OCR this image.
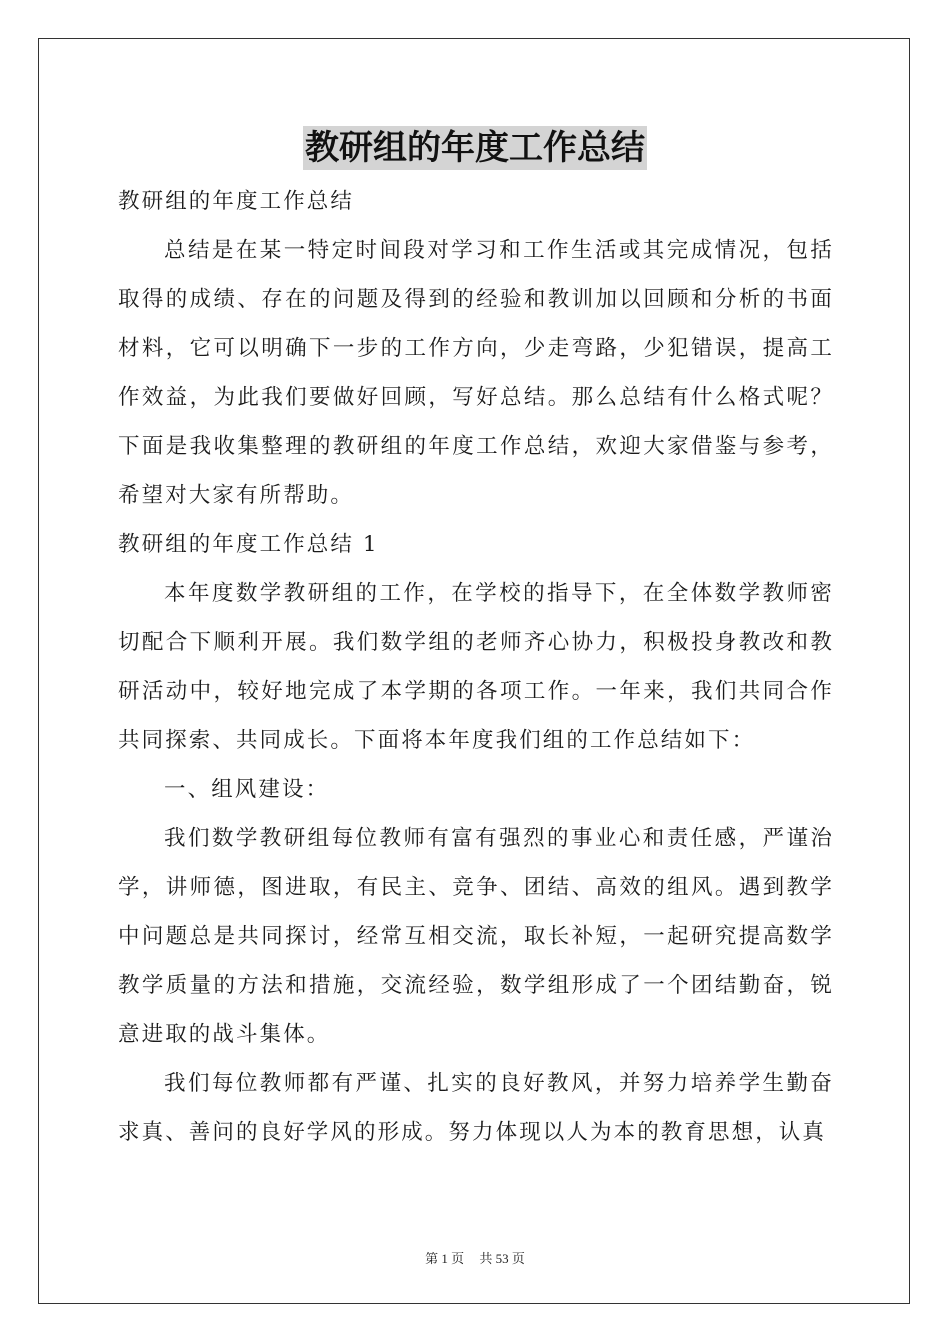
教研组的年度工作总结
教研组的年度工作总结

总结是在某一特定时间段对学习和工作生活或其完成情况，包括取得的成绩、存在的问题及得到的经验和教训加以回顾和分析的书面材料，它可以明确下一步的工作方向，少走弯路，少犯错误，提高工作效益，为此我们要做好回顾，写好总结。那么总结有什么格式呢？下面是我收集整理的教研组的年度工作总结，欢迎大家借鉴与参考，希望对大家有所帮助。

教研组的年度工作总结 1

本年度数学教研组的工作，在学校的指导下，在全体数学教师密切配合下顺利开展。我们数学组的老师齐心协力，积极投身教改和教研活动中，较好地完成了本学期的各项工作。一年来，我们共同合作共同探索、共同成长。下面将本年度我们组的工作总结如下：

一、组风建设：

我们数学教研组每位教师有富有强烈的事业心和责任感，严谨治学，讲师德，图进取，有民主、竞争、团结、高效的组风。遇到教学中问题总是共同探讨，经常互相交流，取长补短，一起研究提高数学教学质量的方法和措施，交流经验，数学组形成了一个团结勤奋，锐意进取的战斗集体。

我们每位教师都有严谨、扎实的良好教风，并努力培养学生勤奋求真、善问的良好学风的形成。努力体现以人为本的教育思想，认真

第 1 页 共 53 页
